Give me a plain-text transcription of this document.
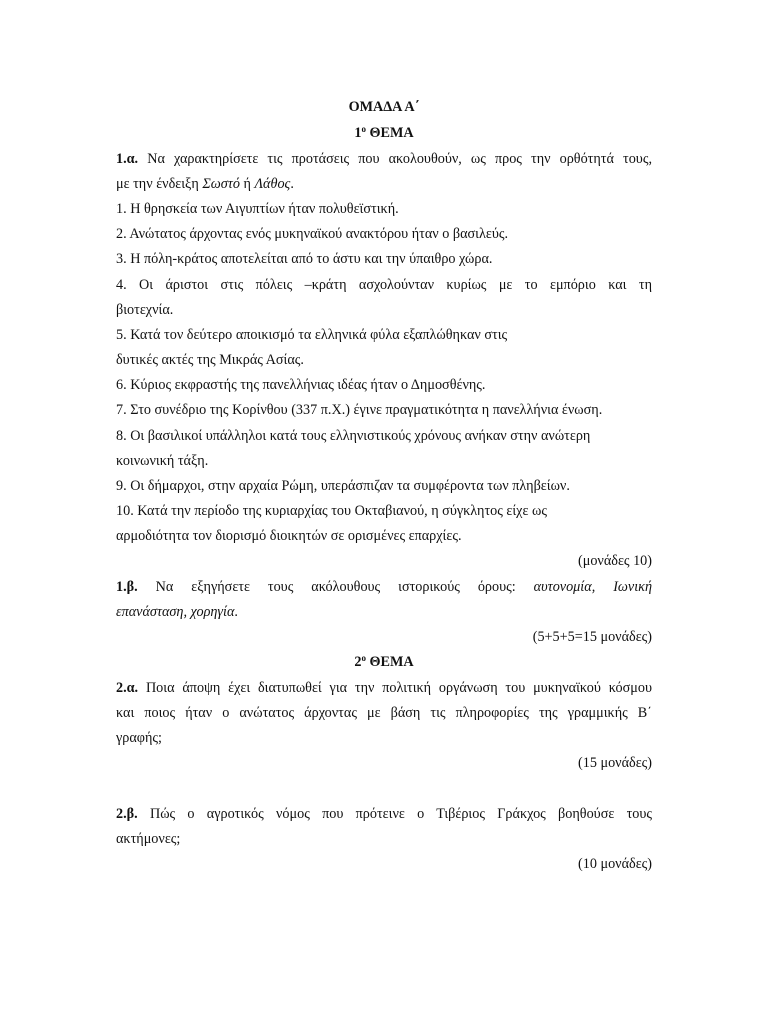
ΟΜΑΔΑ Α΄
$1^o$ ΘΕΜΑ
1.α. Να χαρακτηρίσετε τις προτάσεις που ακολουθούν, ως προς την ορθότητά τους,
με την ένδειξη Σωστό ή Λάθος.
1. Η θρησκεία των Αιγυπτίων ήταν πολυθεϊστική.
2. Ανώτατος άρχοντας ενός μυκηναϊκού ανακτόρου ήταν ο βασιλεύς.
3. Η πόλη-κράτος αποτελείται από το άστυ και την ύπαιθρο χώρα.
4. Οι άριστοι στις πόλεις –κράτη ασχολούνταν κυρίως με το εμπόριο και τη
βιοτεχνία.
5. Κατά τον δεύτερο αποικισμό τα ελληνικά φύλα εξαπλώθηκαν στις
δυτικές ακτές της Μικράς Ασίας.
6. Κύριος εκφραστής της πανελλήνιας ιδέας ήταν ο Δημοσθένης.
7. Στο συνέδριο της Κορίνθου (337 π.Χ.) έγινε πραγματικότητα η πανελλήνια ένωση.
8. Οι βασιλικοί υπάλληλοι κατά τους ελληνιστικούς χρόνους ανήκαν στην ανώτερη
κοινωνική τάξη.
9. Οι δήμαρχοι, στην αρχαία Ρώμη, υπεράσπιζαν τα συμφέροντα των πληβείων.
10. Κατά την περίοδο της κυριαρχίας του Οκταβιανού, η σύγκλητος είχε ως
αρμοδιότητα τον διορισμό διοικητών σε ορισμένες επαρχίες.
(μονάδες 10)
1.β. Να εξηγήσετε τους ακόλουθους ιστορικούς όρους: αυτονομία, Ιωνική
επανάσταση, χορηγία.
(5+5+5=15 μονάδες)
$2^o$ ΘΕΜΑ
2.α. Ποια άποψη έχει διατυπωθεί για την πολιτική οργάνωση του μυκηναϊκού κόσμου
και ποιος ήταν ο ανώτατος άρχοντας με βάση τις πληροφορίες της γραμμικής Β΄
γραφής;
(15 μονάδες)
2.β. Πώς ο αγροτικός νόμος που πρότεινε ο Τιβέριος Γράκχος βοηθούσε τους
ακτήμονες;
(10 μονάδες)
